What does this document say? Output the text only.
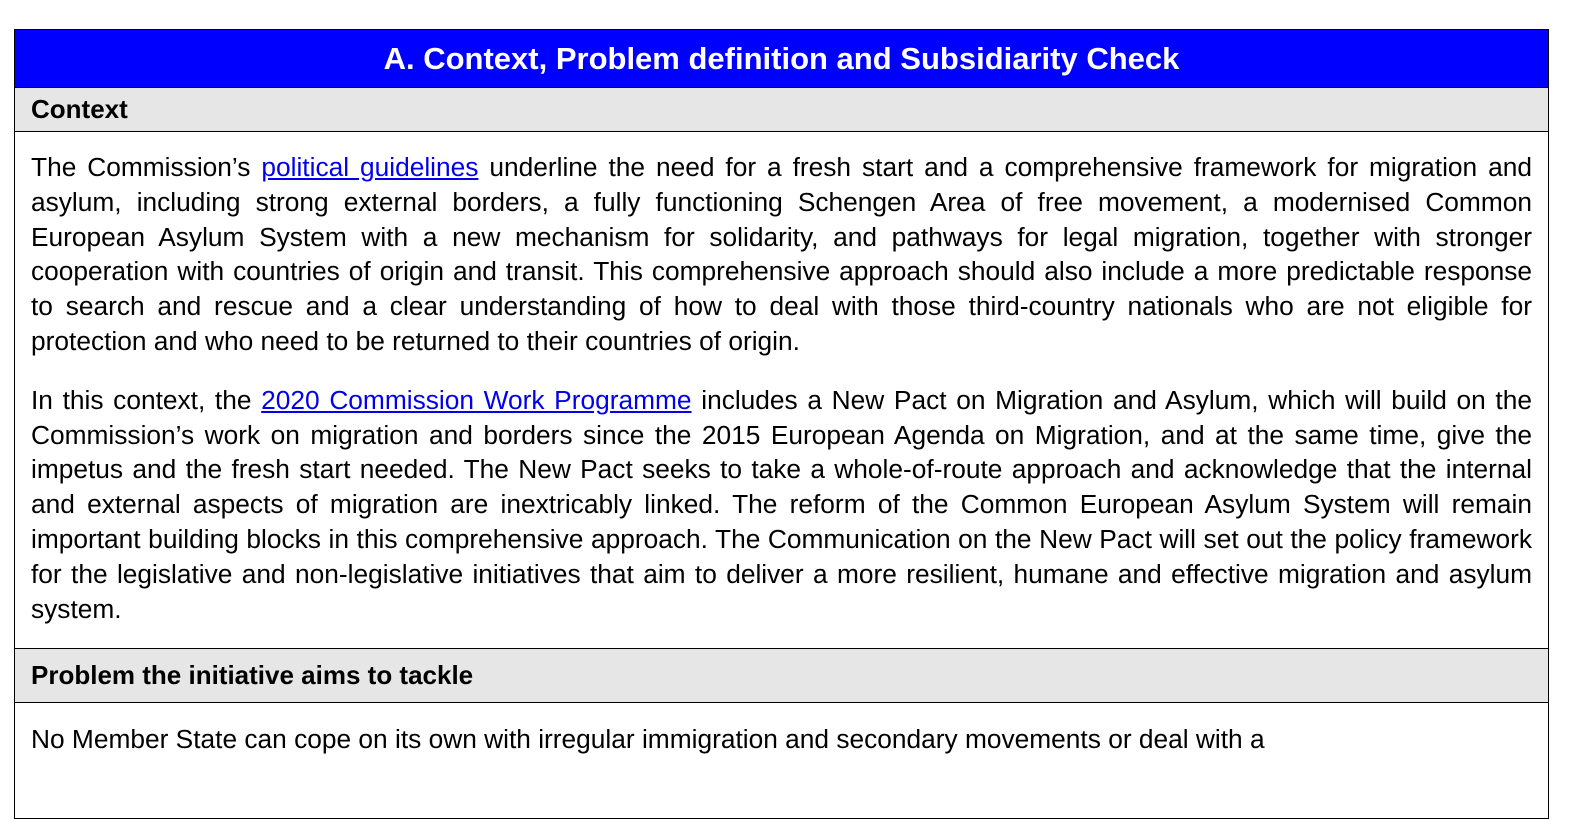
A. Context, Problem definition and Subsidiarity Check
Context

The Commission’s political guidelines underline the need for a fresh start and a comprehensive framework for migration and asylum, including strong external borders, a fully functioning Schengen Area of free movement, a modernised Common European Asylum System with a new mechanism for solidarity, and pathways for legal migration, together with stronger cooperation with countries of origin and transit. This comprehensive approach should also include a more predictable response to search and rescue and a clear understanding of how to deal with those third-country nationals who are not eligible for protection and who need to be returned to their countries of origin.

In this context, the 2020 Commission Work Programme includes a New Pact on Migration and Asylum, which will build on the Commission’s work on migration and borders since the 2015 European Agenda on Migration, and at the same time, give the impetus and the fresh start needed. The New Pact seeks to take a whole-of-route approach and acknowledge that the internal and external aspects of migration are inextricably linked. The reform of the Common European Asylum System will remain important building blocks in this comprehensive approach. The Communication on the New Pact will set out the policy framework for the legislative and non-legislative initiatives that aim to deliver a more resilient, humane and effective migration and asylum system.

Problem the initiative aims to tackle

No Member State can cope on its own with irregular immigration and secondary movements or deal with a
